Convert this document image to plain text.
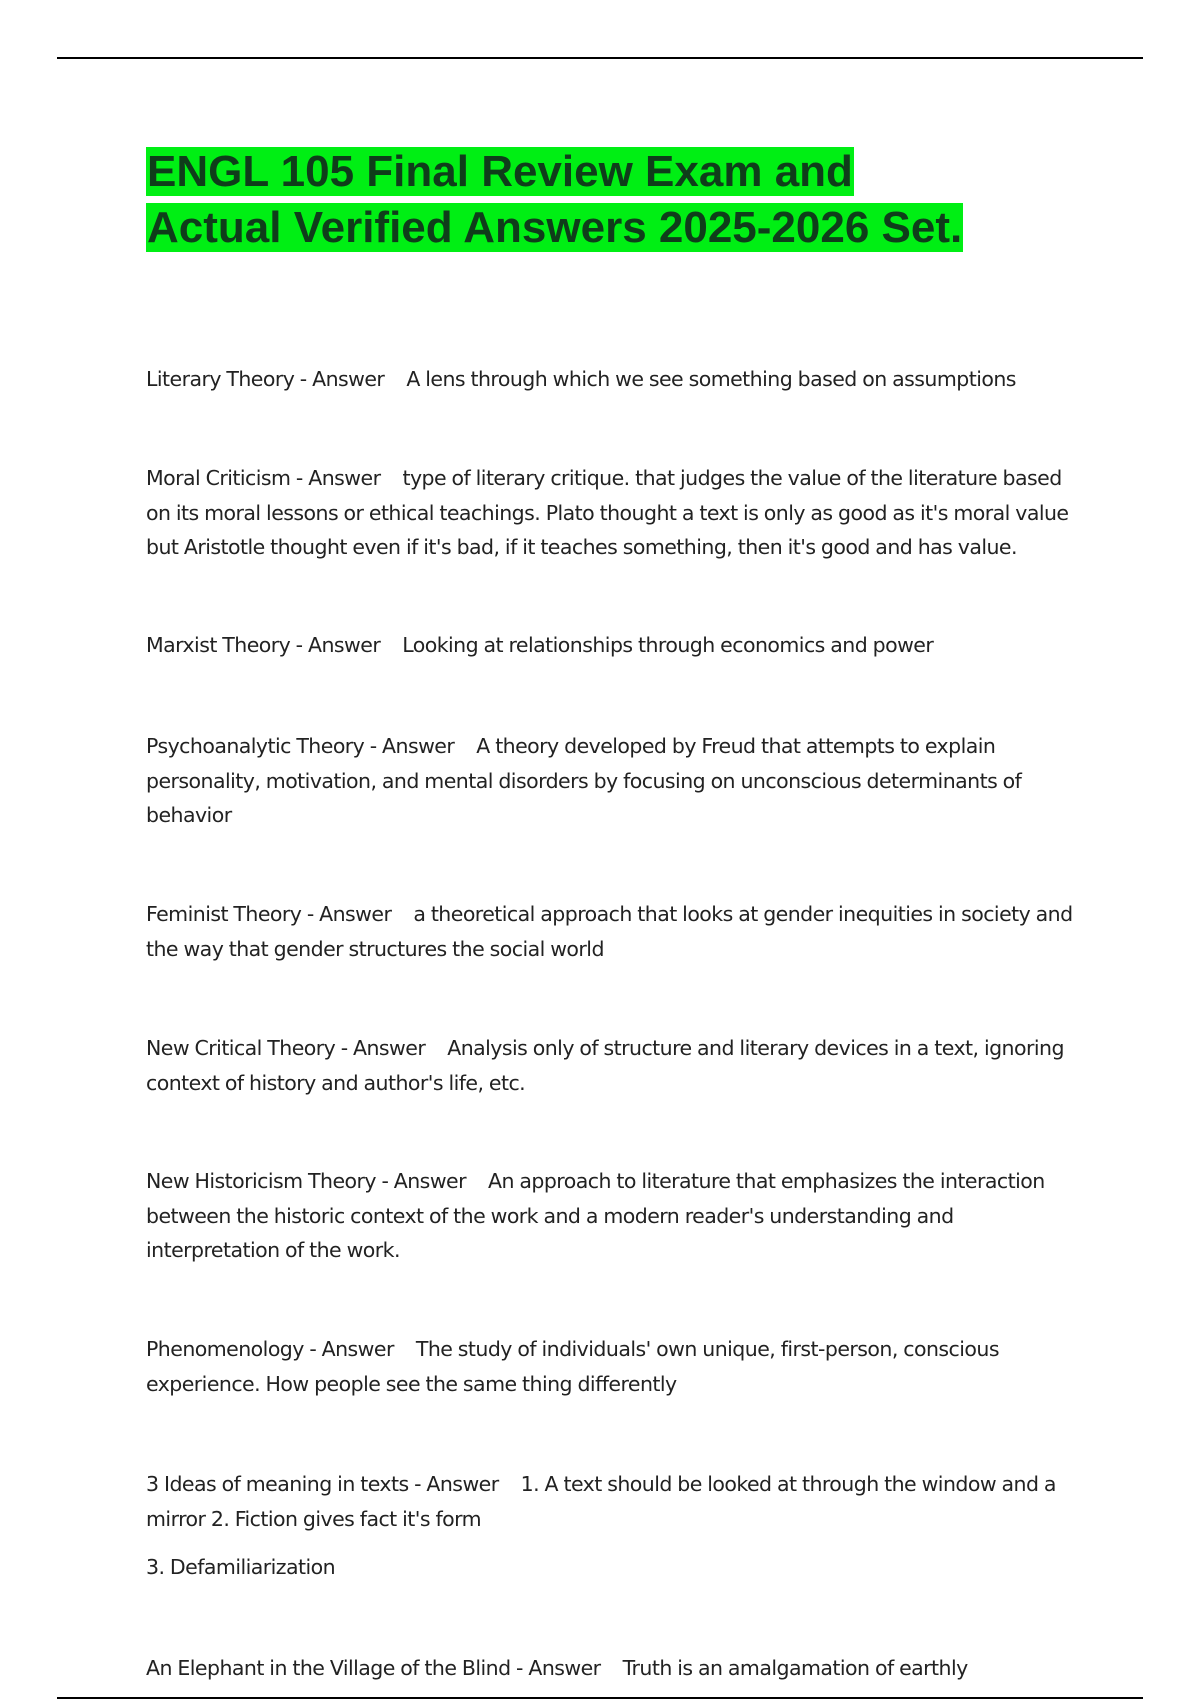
ENGL 105 Final Review Exam and Actual Verified Answers 2025-2026 Set.

Literary Theory - Answer A lens through which we see something based on assumptions

Moral Criticism - Answer type of literary critique. that judges the value of the literature based on its moral lessons or ethical teachings. Plato thought a text is only as good as it's moral value but Aristotle thought even if it's bad, if it teaches something, then it's good and has value.

Marxist Theory - Answer Looking at relationships through economics and power

Psychoanalytic Theory - Answer A theory developed by Freud that attempts to explain personality, motivation, and mental disorders by focusing on unconscious determinants of behavior

Feminist Theory - Answer a theoretical approach that looks at gender inequities in society and the way that gender structures the social world

New Critical Theory - Answer Analysis only of structure and literary devices in a text, ignoring context of history and author's life, etc.

New Historicism Theory - Answer An approach to literature that emphasizes the interaction between the historic context of the work and a modern reader's understanding and interpretation of the work.

Phenomenology - Answer The study of individuals' own unique, first-person, conscious experience. How people see the same thing differently

3 Ideas of meaning in texts - Answer 1. A text should be looked at through the window and a mirror 2. Fiction gives fact it's form

3. Defamiliarization

An Elephant in the Village of the Blind - Answer Truth is an amalgamation of earthly
